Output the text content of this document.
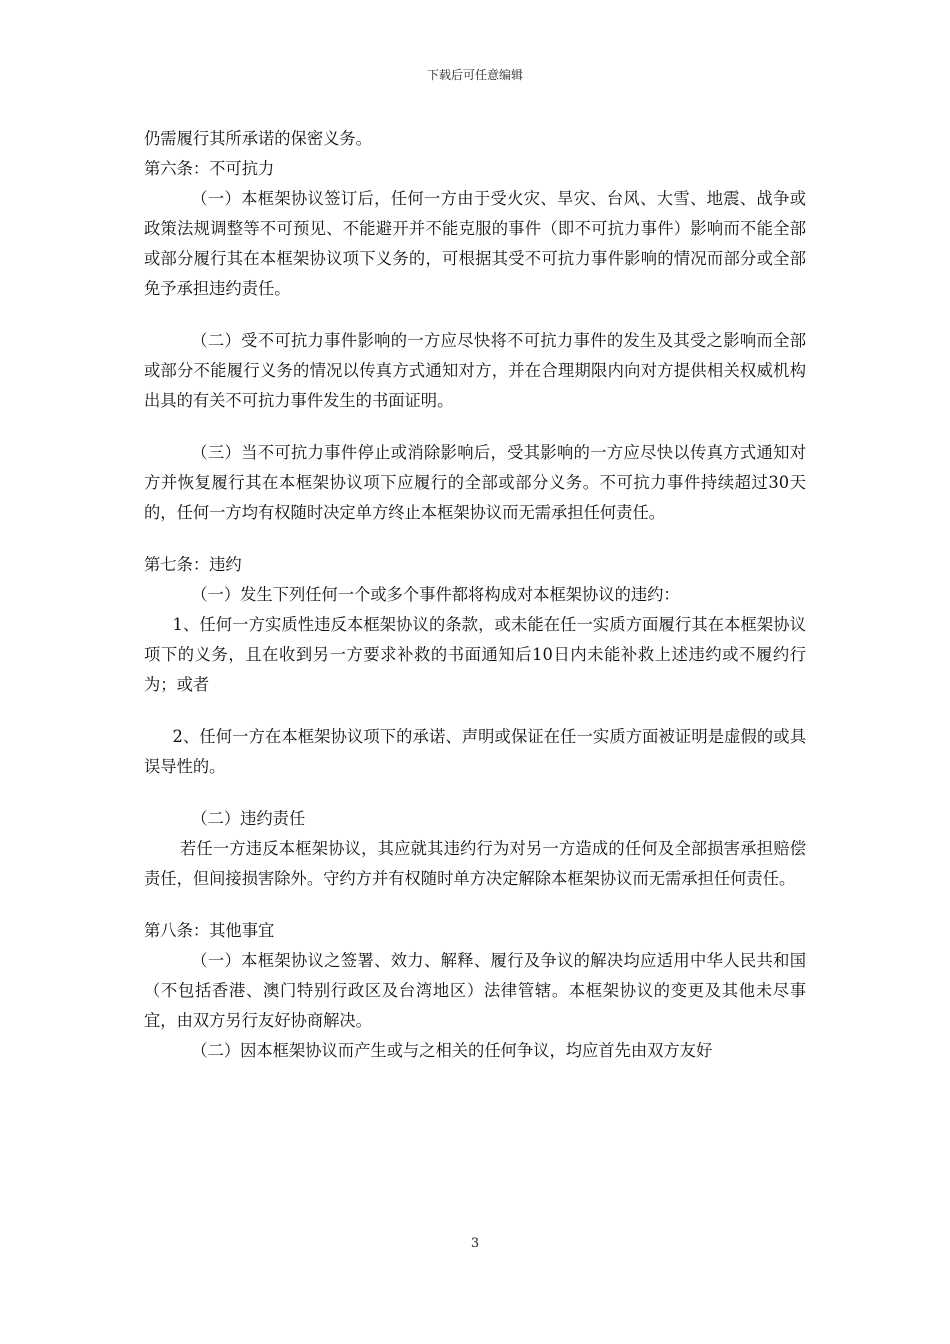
下载后可任意编辑

仍需履行其所承诺的保密义务。

第六条：不可抗力

（一）本框架协议签订后，任何一方由于受火灾、旱灾、台风、大雪、地震、战争或政策法规调整等不可预见、不能避开并不能克服的事件（即不可抗力事件）影响而不能全部或部分履行其在本框架协议项下义务的，可根据其受不可抗力事件影响的情况而部分或全部免予承担违约责任。

（二）受不可抗力事件影响的一方应尽快将不可抗力事件的发生及其受之影响而全部或部分不能履行义务的情况以传真方式通知对方，并在合理期限内向对方提供相关权威机构出具的有关不可抗力事件发生的书面证明。

（三）当不可抗力事件停止或消除影响后，受其影响的一方应尽快以传真方式通知对方并恢复履行其在本框架协议项下应履行的全部或部分义务。不可抗力事件持续超过30天的，任何一方均有权随时决定单方终止本框架协议而无需承担任何责任。

第七条：违约

（一）发生下列任何一个或多个事件都将构成对本框架协议的违约：

1、任何一方实质性违反本框架协议的条款，或未能在任一实质方面履行其在本框架协议项下的义务，且在收到另一方要求补救的书面通知后10日内未能补救上述违约或不履约行为；或者

2、任何一方在本框架协议项下的承诺、声明或保证在任一实质方面被证明是虚假的或具误导性的。

（二）违约责任

若任一方违反本框架协议，其应就其违约行为对另一方造成的任何及全部损害承担赔偿责任，但间接损害除外。守约方并有权随时单方决定解除本框架协议而无需承担任何责任。

第八条：其他事宜

（一）本框架协议之签署、效力、解释、履行及争议的解决均应适用中华人民共和国（不包括香港、澳门特别行政区及台湾地区）法律管辖。本框架协议的变更及其他未尽事宜，由双方另行友好协商解决。

（二）因本框架协议而产生或与之相关的任何争议，均应首先由双方友好

3
